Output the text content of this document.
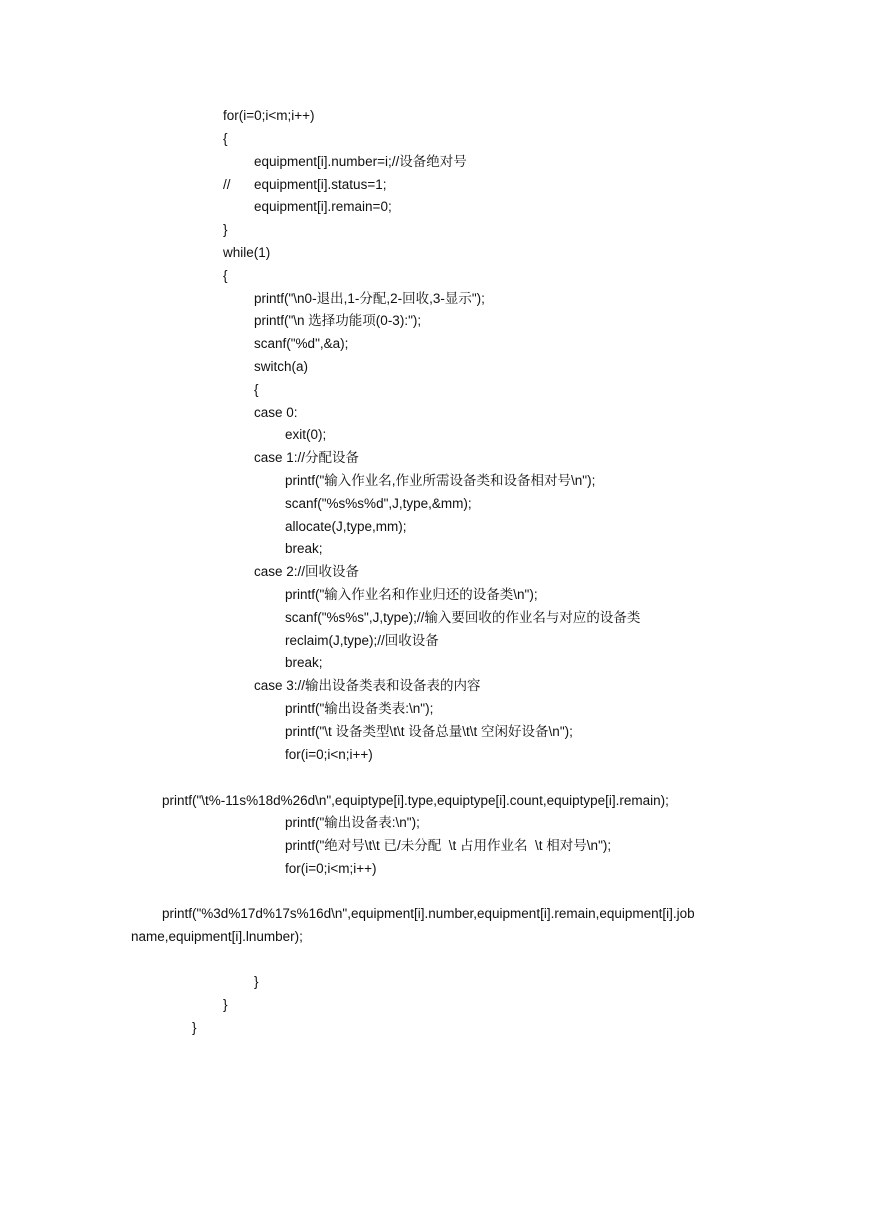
for(i=0;i<m;i++)
{
equipment[i].number=i;//设备绝对号
// equipment[i].status=1;
equipment[i].remain=0;
}
while(1)
{
printf("\n0-退出,1-分配,2-回收,3-显示");
printf("\n 选择功能项(0-3):");
scanf("%d",&a);
switch(a)
{
case 0:
exit(0);
case 1://分配设备
printf("输入作业名,作业所需设备类和设备相对号\n");
scanf("%s%s%d",J,type,&mm);
allocate(J,type,mm);
break;
case 2://回收设备
printf("输入作业名和作业归还的设备类\n");
scanf("%s%s",J,type);//输入要回收的作业名与对应的设备类
reclaim(J,type);//回收设备
break;
case 3://输出设备类表和设备表的内容
printf("输出设备类表:\n");
printf("\t 设备类型\t\t 设备总量\t\t 空闲好设备\n");
for(i=0;i<n;i++)
printf("\t%-11s%18d%26d\n",equiptype[i].type,equiptype[i].count,equiptype[i].remain);
printf("输出设备表:\n");
printf("绝对号\t\t 已/未分配  \t 占用作业名  \t 相对号\n");
for(i=0;i<m;i++)
printf("%3d%17d%17s%16d\n",equipment[i].number,equipment[i].remain,equipment[i].job
name,equipment[i].lnumber);
}
}
}
